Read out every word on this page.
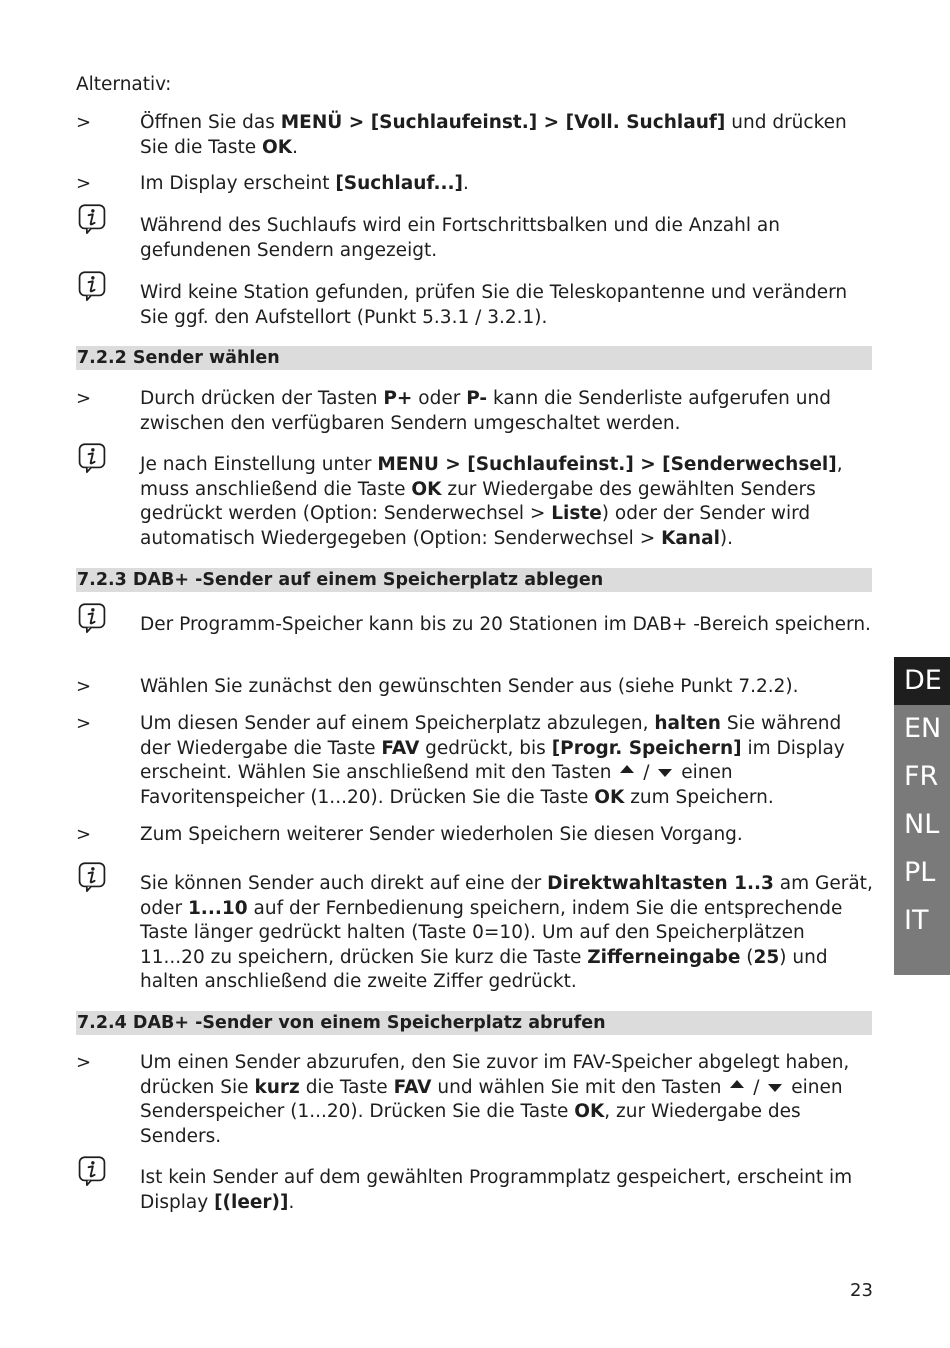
Alternativ:
>	Öffnen Sie das MENÜ > [Suchlaufeinst.] > [Voll. Suchlauf] und drücken Sie die Taste OK.
>	Im Display erscheint [Suchlauf...].
Während des Suchlaufs wird ein Fortschrittsbalken und die Anzahl an gefundenen Sendern angezeigt.
Wird keine Station gefunden, prüfen Sie die Teleskopantenne und verändern Sie ggf. den Aufstellort (Punkt 5.3.1 / 3.2.1).
7.2.2 Sender wählen
>	Durch drücken der Tasten P+ oder P- kann die Senderliste aufgerufen und zwischen den verfügbaren Sendern umgeschaltet werden.
Je nach Einstellung unter MENU > [Suchlaufeinst.] > [Senderwechsel], muss anschließend die Taste OK zur Wiedergabe des gewählten Senders gedrückt werden (Option: Senderwechsel > Liste) oder der Sender wird automatisch Wiedergegeben (Option: Senderwechsel > Kanal).
7.2.3 DAB+ -Sender auf einem Speicherplatz ablegen
Der Programm-Speicher kann bis zu 20 Stationen im DAB+ -Bereich speichern.
>	Wählen Sie zunächst den gewünschten Sender aus (siehe Punkt 7.2.2).
>	Um diesen Sender auf einem Speicherplatz abzulegen, halten Sie während der Wiedergabe die Taste FAV gedrückt, bis [Progr. Speichern] im Display erscheint. Wählen Sie anschließend mit den Tasten  /  einen Favoritenspeicher (1...20). Drücken Sie die Taste OK zum Speichern.
>	Zum Speichern weiterer Sender wiederholen Sie diesen Vorgang.
Sie können Sender auch direkt auf eine der Direktwahltasten 1..3 am Gerät, oder 1...10 auf der Fernbedienung speichern, indem Sie die entsprechende Taste länger gedrückt halten (Taste 0=10). Um auf den Speicherplätzen 11...20 zu speichern, drücken Sie kurz die Taste Zifferneingabe (25) und halten anschließend die zweite Ziffer gedrückt.
7.2.4 DAB+ -Sender von einem Speicherplatz abrufen
>	Um einen Sender abzurufen, den Sie zuvor im FAV-Speicher abgelegt haben, drücken Sie kurz die Taste FAV und wählen Sie mit den Tasten  /  einen Senderspeicher (1...20). Drücken Sie die Taste OK, zur Wiedergabe des Senders.
Ist kein Sender auf dem gewählten Programmplatz gespeichert, erscheint im Display [(leer)].
DE
EN
FR
NL
PL
IT
23
